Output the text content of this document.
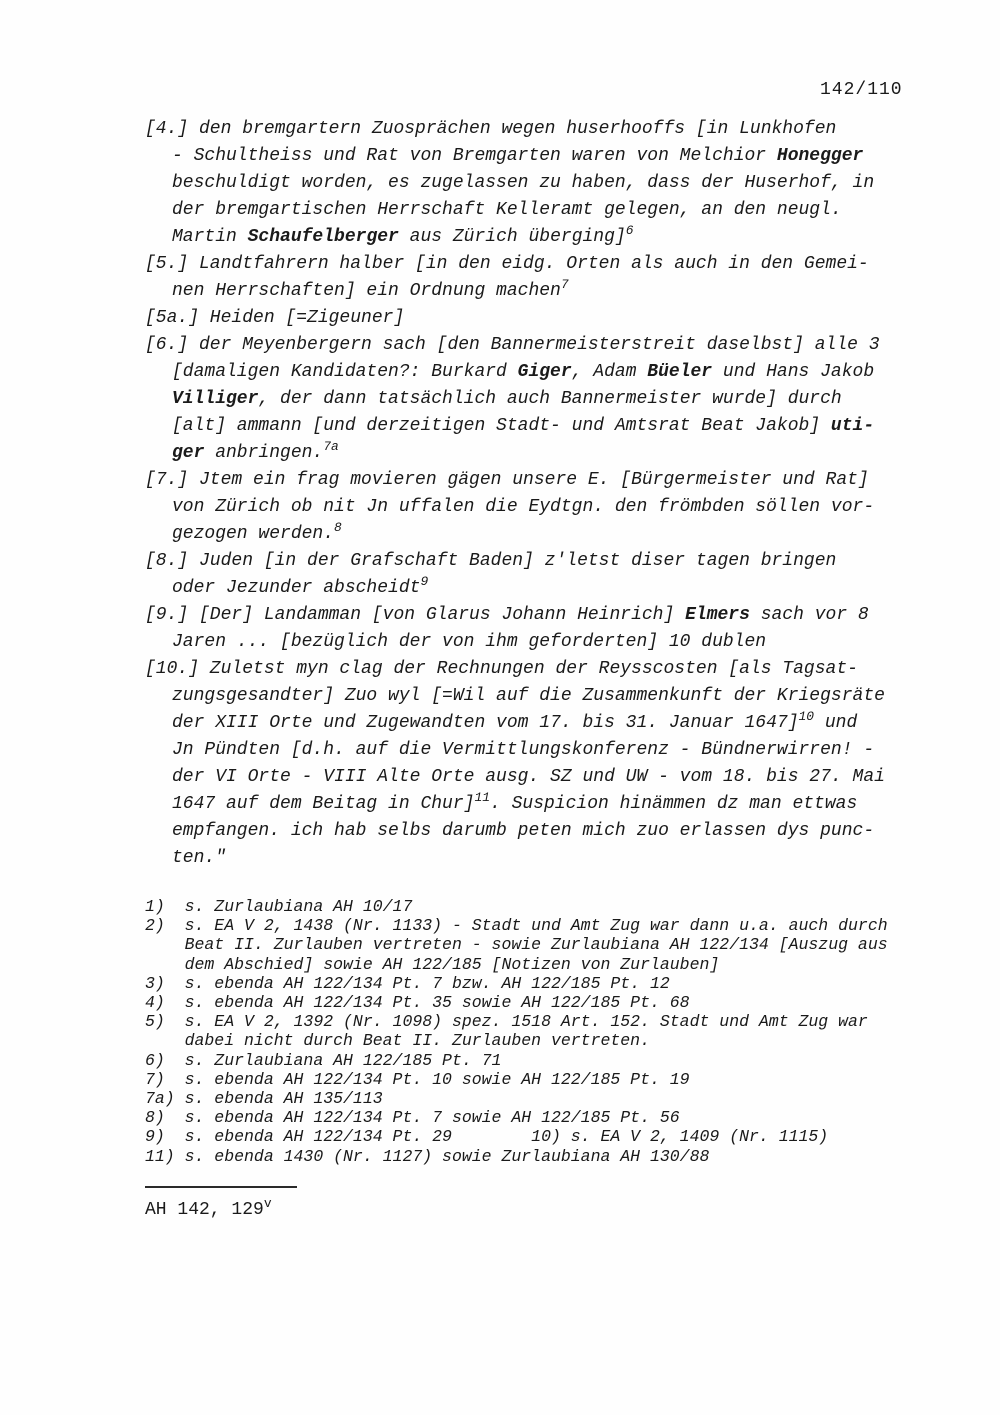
142/110
[4.] den bremgartern Zuosprächen wegen huserhooffs [in Lunkhofen
- Schultheiss und Rat von Bremgarten waren von Melchior Honegger
beschuldigt worden, es zugelassen zu haben, dass der Huserhof, in
der bremgartischen Herrschaft Kelleramt gelegen, an den neugl.
Martin Schaufelberger aus Zürich überging]$^6$
[5.] Landtfahrern halber [in den eidg. Orten als auch in den Gemei-
nen Herrschaften] ein Ordnung machen$^7$
[5a.] Heiden [=Zigeuner]
[6.] der Meyenbergern sach [den Bannermeisterstreit daselbst] alle 3
[damaligen Kandidaten?: Burkard Giger, Adam Büeler und Hans Jakob
Villiger, der dann tatsächlich auch Bannermeister wurde] durch
[alt] ammann [und derzeitigen Stadt- und Amtsrat Beat Jakob] uti-
ger anbringen.$^{7a}$
[7.] Jtem ein frag movieren gägen unsere E. [Bürgermeister und Rat]
von Zürich ob nit Jn uffalen die Eydtgn. den frömbden söllen vor-
gezogen werden.$^8$
[8.] Juden [in der Grafschaft Baden] z'letst diser tagen bringen
oder Jezunder abscheidt$^9$
[9.] [Der] Landamman [von Glarus Johann Heinrich] Elmers sach vor 8
Jaren ... [bezüglich der von ihm geforderten] 10 dublen
[10.] Zuletst myn clag der Rechnungen der Reysscosten [als Tagsat-
zungsgesandter] Zuo wyl [=Wil auf die Zusammenkunft der Kriegsräte
der XIII Orte und Zugewandten vom 17. bis 31. Januar 1647]$^{10}$ und
Jn Pündten [d.h. auf die Vermittlungskonferenz - Bündnerwirren! -
der VI Orte - VIII Alte Orte ausg. SZ und UW - vom 18. bis 27. Mai
1647 auf dem Beitag in Chur]$^{11}$. Suspicion hinämmen dz man ettwas
empfangen. ich hab selbs darumb peten mich zuo erlassen dys punc-
ten."
1)  s. Zurlaubiana AH 10/17
2)  s. EA V 2, 1438 (Nr. 1133) - Stadt und Amt Zug war dann u.a. auch durch
Beat II. Zurlauben vertreten - sowie Zurlaubiana AH 122/134 [Auszug aus
dem Abschied] sowie AH 122/185 [Notizen von Zurlauben]
3)  s. ebenda AH 122/134 Pt. 7 bzw. AH 122/185 Pt. 12
4)  s. ebenda AH 122/134 Pt. 35 sowie AH 122/185 Pt. 68
5)  s. EA V 2, 1392 (Nr. 1098) spez. 1518 Art. 152. Stadt und Amt Zug war
dabei nicht durch Beat II. Zurlauben vertreten.
6)  s. Zurlaubiana AH 122/185 Pt. 71
7)  s. ebenda AH 122/134 Pt. 10 sowie AH 122/185 Pt. 19
7a) s. ebenda AH 135/113
8)  s. ebenda AH 122/134 Pt. 7 sowie AH 122/185 Pt. 56
9)  s. ebenda AH 122/134 Pt. 29        10) s. EA V 2, 1409 (Nr. 1115)
11) s. ebenda 1430 (Nr. 1127) sowie Zurlaubiana AH 130/88
AH 142, 129$^v$
